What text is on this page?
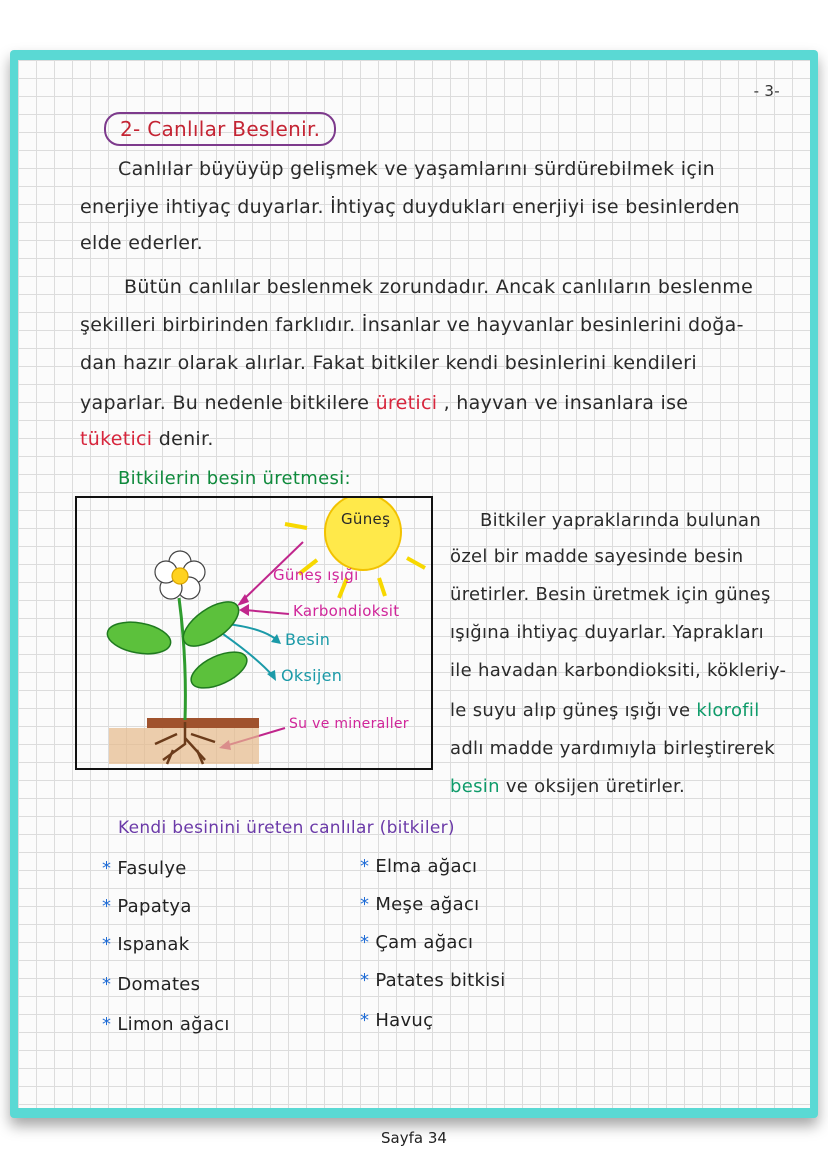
- 3-
2- Canlılar Beslenir.
Canlılar büyüyüp gelişmek ve yaşamlarını sürdürebilmek için
enerjiye ihtiyaç duyarlar. İhtiyaç duydukları enerjiyi ise besinlerden
elde ederler.
Bütün canlılar beslenmek zorundadır. Ancak canlıların beslenme
şekilleri birbirinden farklıdır. İnsanlar ve hayvanlar besinlerini doğa-
dan hazır olarak alırlar. Fakat bitkiler kendi besinlerini kendileri
yaparlar. Bu nedenle bitkilere üretici , hayvan ve insanlara ise
tüketici denir.
Bitkilerin besin üretmesi:
Güneş
Güneş ışığı
Karbondioksit
Besin
Oksijen
Su ve mineraller
Bitkiler yapraklarında bulunan
özel bir madde sayesinde besin
üretirler. Besin üretmek için güneş
ışığına ihtiyaç duyarlar. Yaprakları
ile havadan karbondioksiti, kökleriy-
le suyu alıp güneş ışığı ve klorofil
adlı madde yardımıyla birleştirerek
besin ve oksijen üretirler.
Kendi besinini üreten canlılar (bitkiler)
* Fasulye
* Papatya
* Ispanak
* Domates
* Limon ağacı
* Elma ağacı
* Meşe ağacı
* Çam ağacı
* Patates bitkisi
* Havuç
Sayfa 34
